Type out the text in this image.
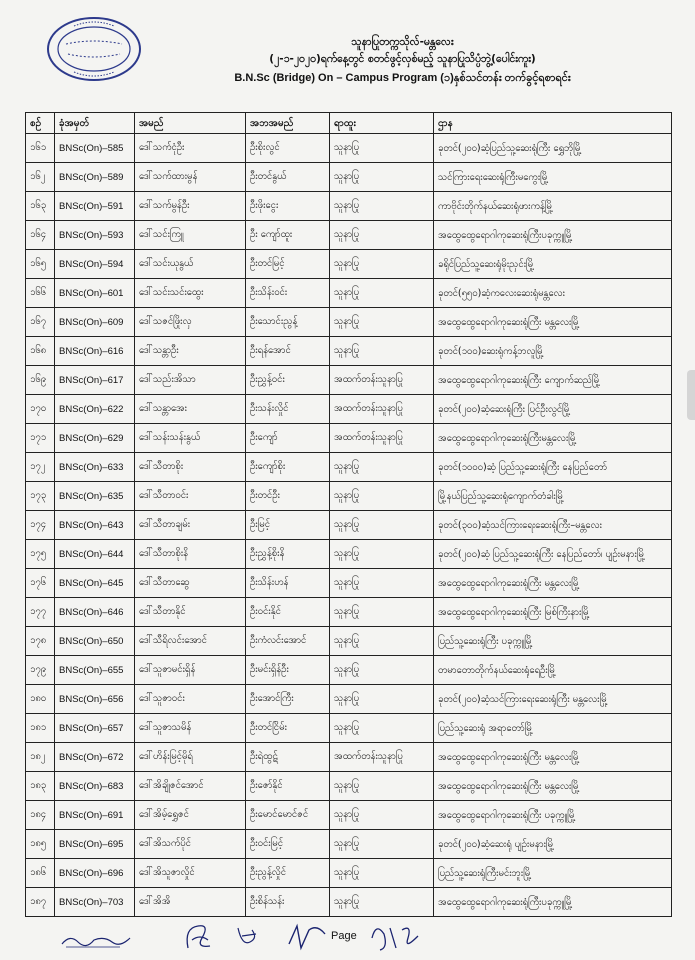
သူနာပြုတက္ကသိုလ်-မန္တလေး
(၂-၁-၂၀၂၀)ရက်နေ့တွင် စတင်ဖွင့်လှစ်မည့် သူနာပြုသိပ္ပံဘွဲ့(ပေါင်းကူး)
B.N.Sc (Bridge) On – Campus Program (၁)နှစ်သင်တန်း တက်ခွင့်ရစာရင်း
စဉ်	ခုံအမှတ်	အမည်	အဘအမည်	ရာထူး	ဌာန
၁၆၁	BNSc(On)–585	ဒေါ်သက်ငုံဦး	ဦးစိုးလွင်	သူနာပြု	ခုတင်(၂၀၀)ဆံ့ပြည်သူ့ဆေးရုံကြီး ရွှေဘိုမြို့
၁၆၂	BNSc(On)–589	ဒေါ်သက်ထားမွန်	ဦးတင်နွယ်	သူနာပြု	သင်ကြားရေးဆေးရုံကြီးမကွေးမြို့
၁၆၃	BNSc(On)–591	ဒေါ်သက်မွန်ဦး	ဦးဖိုးငွေး	သူနာပြု	ကာဗိုင်းတိုက်နယ်ဆေးရုံဖားကန့်မြို့
၁၆၄	BNSc(On)–593	ဒေါ်သင်းကြူ	ဦး ကျော်ထူး	သူနာပြု	အထွေထွေရောဂါကုဆေးရုံကြီးပခုက္ကူမြို့
၁၆၅	BNSc(On)–594	ဒေါ်သင်းယုနွယ်	ဦးတင်မြင့်	သူနာပြု	ခရိုင်ပြည်သူ့ဆေးရုံမိုးညှင်းမြို့
၁၆၆	BNSc(On)–601	ဒေါ်သင်းသင်းထွေး	ဦးသိန်းဝင်း	သူနာပြု	ခုတင်(၅၅၀)ဆံ့ကလေးဆေးရုံမန္တလေး
၁၆၇	BNSc(On)–609	ဒေါ်သဇင်ဖြိုးလှ	ဦးသောင်းညွန့်	သူနာပြု	အထွေထွေရောဂါကုဆေးရုံကြီး မန္တလေးမြို့
၁၆၈	BNSc(On)–616	ဒေါ်သန္တာဦး	ဦးရန်အောင်	သူနာပြု	ခုတင်(၁၀၀)ဆေးရုံကန့်ဘလူမြို့
၁၆၉	BNSc(On)–617	ဒေါ်သည်းအိသာ	ဦးညွှန့်ဝင်း	အထက်တန်းသူနာပြု	အထွေထွေရောဂါကုဆေးရုံကြီး ကျောက်ဆည်မြို့
၁၇၀	BNSc(On)–622	ဒေါ်သန္တာအေး	ဦးသန်းလှိုင်	အထက်တန်းသူနာပြု	ခုတင်(၂၀၀)ဆံ့ဆေးရုံကြီး ပြင်ဦးလွင်မြို့
၁၇၁	BNSc(On)–629	ဒေါ်သန်းသန်းနွယ်	ဦးကျော်	အထက်တန်းသူနာပြု	အထွေထွေရောဂါကုဆေးရုံကြီးမန္တလေးမြို့
၁၇၂	BNSc(On)–633	ဒေါ်သီတာစိုး	ဦးကျော်စိုး	သူနာပြု	ခုတင်(၁၀၀၀)ဆံ့ ပြည်သူ့ဆေးရုံကြီး နေပြည်တော်
၁၇၃	BNSc(On)–635	ဒေါ်သီတာဝင်း	ဦးတင်ဦး	သူနာပြု	မြို့နယ်ပြည်သူ့ဆေးရုံကျောက်တံခါးမြို့
၁၇၄	BNSc(On)–643	ဒေါ်သီတာချမ်း	ဦးမြင့်	သူနာပြု	ခုတင်(၃၀၀)ဆံ့သင်ကြားရေးဆေးရုံကြီး–မန္တလေး
၁၇၅	BNSc(On)–644	ဒေါ်သီတာစိုးနိ	ဦးညွှန့်စိုးနိ	သူနာပြု	ခုတင်(၂၀၀)ဆံ့ ပြည်သူ့ဆေးရုံကြီး နေပြည်တော်၊ ပျဉ်းမနားမြို့
၁၇၆	BNSc(On)–645	ဒေါ်သီတာဆွေ	ဦးသိန်းဟန်	သူနာပြု	အထွေထွေရောဂါကုဆေးရုံကြီး မန္တလေးမြို့
၁၇၇	BNSc(On)–646	ဒေါ်သီတာနိုင်	ဦးဝင်းနိုင်	သူနာပြု	အထွေထွေရောဂါကုဆေးရုံကြီး မြစ်ကြီးနားမြို့
၁၇၈	BNSc(On)–650	ဒေါ်သီရိလင်းအောင်	ဦးကံလင်းအောင်	သူနာပြု	ပြည်သူ့ဆေးရုံကြီး ပခုက္ကူမြို့
၁၇၉	BNSc(On)–655	ဒေါ်သူဇာမင်းရှိန်	ဦးမင်းရှိန်ဦး	သူနာပြု	တမာတောတိုက်နယ်ဆေးရုံရေဦးမြို့
၁၈၀	BNSc(On)–656	ဒေါ်သူဇာဝင်း	ဦးအောင်ကြီး	သူနာပြု	ခုတင်(၂၀၀)ဆံ့သင်ကြားရေးဆေးရုံကြီး မန္တလေးမြို့
၁၈၁	BNSc(On)–657	ဒေါ်သူဇာသမိန်	ဦးတင်ငြိမ်း	သူနာပြု	ပြည်သူ့ဆေးရုံ အရာတော်မြို့
၁၈၂	BNSc(On)–672	ဒေါ်ဟိန်းမြင့်မိုရ်	ဦးရဲထွဋ်	အထက်တန်းသူနာပြု	အထွေထွေရောဂါကုဆေးရုံကြီး မန္တလေးမြို့
၁၈၃	BNSc(On)–683	ဒေါ်အိချိုဇင်အောင်	ဦးဇော်နိုင်	သူနာပြု	အထွေထွေရောဂါကုဆေးရုံကြီး မန္တလေးမြို့
၁၈၄	BNSc(On)–691	ဒေါ်အိမ့်ရွှေဇင်	ဦးမောင်မောင်ဇင်	သူနာပြု	အထွေထွေရောဂါကုဆေးရုံကြီး ပခုက္ကူမြို့
၁၈၅	BNSc(On)–695	ဒေါ်အိသက်ပိုင်	ဦးဝင်းမြင့်	သူနာပြု	ခုတင်(၂၀၀)ဆံ့ဆေးရုံ ပျဉ်းမနားမြို့
၁၈၆	BNSc(On)–696	ဒေါ်အိသူဇာလှိုင်	ဦးညွန့်လှိုင်	သူနာပြု	ပြည်သူ့ဆေးရုံကြီးမင်းဘူးမြို့
၁၈၇	BNSc(On)–703	ဒေါ်အိအိ	ဦးစိန်သန်း	သူနာပြု	အထွေထွေရောဂါကုဆေးရုံကြီးပခုက္ကူမြို့
Page
